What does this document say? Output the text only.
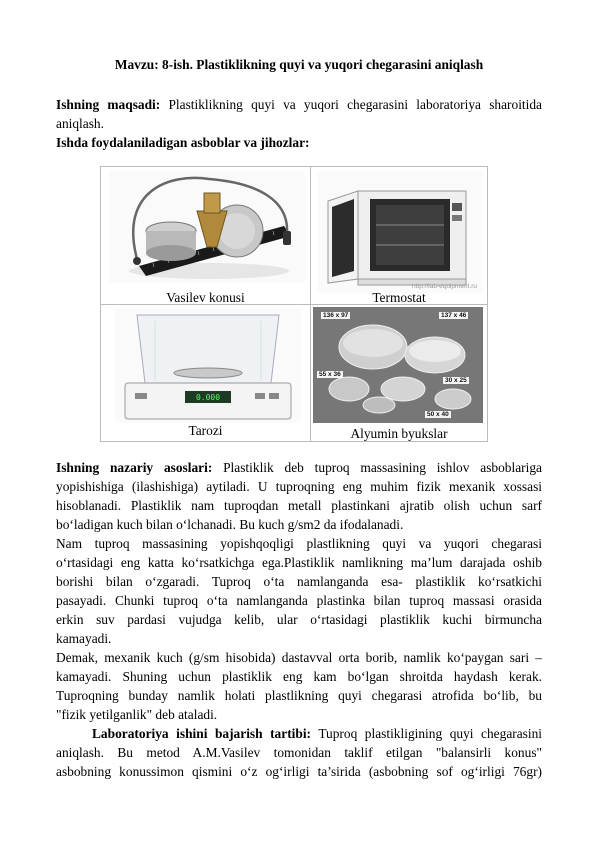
Mavzu: 8-ish. Plastiklikning quyi va yuqori chegarasini aniqlash

Ishning maqsadi: Plastiklikning quyi va yuqori chegarasini laboratoriya sharoitida

aniqlash.

Ishda foydalaniladigan asboblar va jihozlar:

http://lab-equipment.ru
Vasilev konusi	Termostat
0.000
136 x 97	137 x 46
55 x 36
30 x 25
50 x 40
Tarozi	Alyumin byukslar

Ishning nazariy asoslari: Plastiklik deb tuproq massasining ishlov asboblariga

yopishishiga (ilashishiga) aytiladi. U tuproqning eng muhim fizik mexanik xossasi

hisoblanadi. Plastiklik nam tuproqdan metall plastinkani ajratib olish uchun sarf

bo‘ladigan kuch bilan o‘lchanadi. Bu kuch g/sm2 da ifodalanadi.

Nam tuproq massasining yopishqoqligi plastlikning quyi va yuqori chegarasi

o‘rtasidagi eng katta ko‘rsatkichga ega.Plastiklik namlikning ma’lum darajada oshib

borishi bilan o‘zgaradi. Tuproq o‘ta namlanganda esa- plastiklik ko‘rsatkichi

pasayadi. Chunki tuproq o‘ta namlanganda plastinka bilan tuproq massasi orasida

erkin suv pardasi vujudga kelib, ular o‘rtasidagi plastiklik kuchi birmuncha

kamayadi.

Demak, mexanik kuch (g/sm hisobida) dastavval orta borib, namlik ko‘paygan sari –

kamayadi. Shuning uchun plastiklik eng kam bo‘lgan shroitda haydash kerak.

Tuproqning bunday namlik holati plastlikning quyi chegarasi atrofida bo‘lib, bu

"fizik yetilganlik" deb ataladi.

Laboratoriya ishini bajarish tartibi: Tuproq plastikligining quyi chegarasini

aniqlash. Bu metod A.M.Vasilev tomonidan taklif etilgan "balansirli konus"

asbobning konussimon qismini o‘z og‘irligi ta’sirida (asbobning sof og‘irligi 76gr)
